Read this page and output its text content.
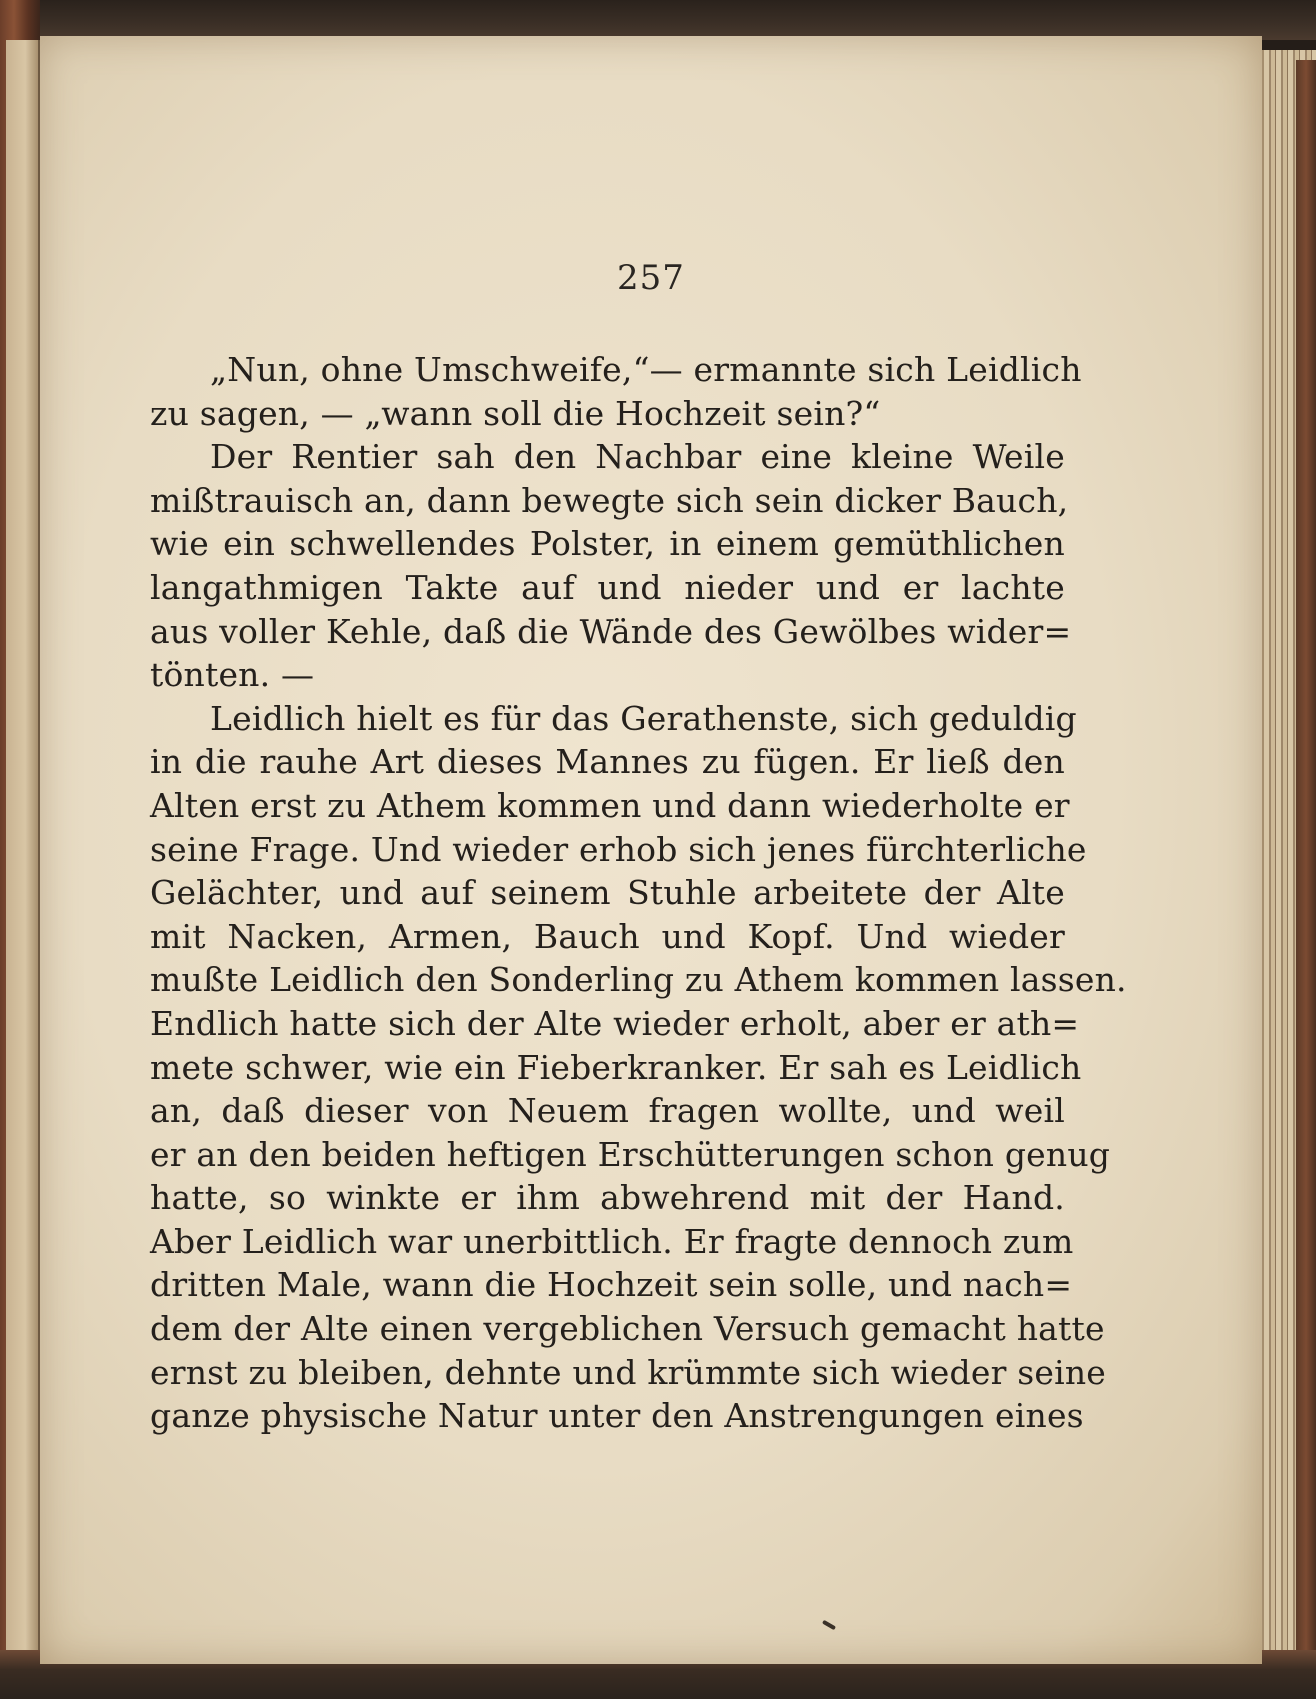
257
„Nun, ohne Umschweife,“— ermannte sich Leidlich
zu sagen, — „wann soll die Hochzeit sein?“
Der Rentier sah den Nachbar eine kleine Weile
mißtrauisch an, dann bewegte sich sein dicker Bauch,
wie ein schwellendes Polster, in einem gemüthlichen
langathmigen Takte auf und nieder und er lachte
aus voller Kehle, daß die Wände des Gewölbes wider=
tönten. —
Leidlich hielt es für das Gerathenste, sich geduldig
in die rauhe Art dieses Mannes zu fügen. Er ließ den
Alten erst zu Athem kommen und dann wiederholte er
seine Frage. Und wieder erhob sich jenes fürchterliche
Gelächter, und auf seinem Stuhle arbeitete der Alte
mit Nacken, Armen, Bauch und Kopf. Und wieder
mußte Leidlich den Sonderling zu Athem kommen lassen.
Endlich hatte sich der Alte wieder erholt, aber er ath=
mete schwer, wie ein Fieberkranker. Er sah es Leidlich
an, daß dieser von Neuem fragen wollte, und weil
er an den beiden heftigen Erschütterungen schon genug
hatte, so winkte er ihm abwehrend mit der Hand.
Aber Leidlich war unerbittlich. Er fragte dennoch zum
dritten Male, wann die Hochzeit sein solle, und nach=
dem der Alte einen vergeblichen Versuch gemacht hatte
ernst zu bleiben, dehnte und krümmte sich wieder seine
ganze physische Natur unter den Anstrengungen eines
